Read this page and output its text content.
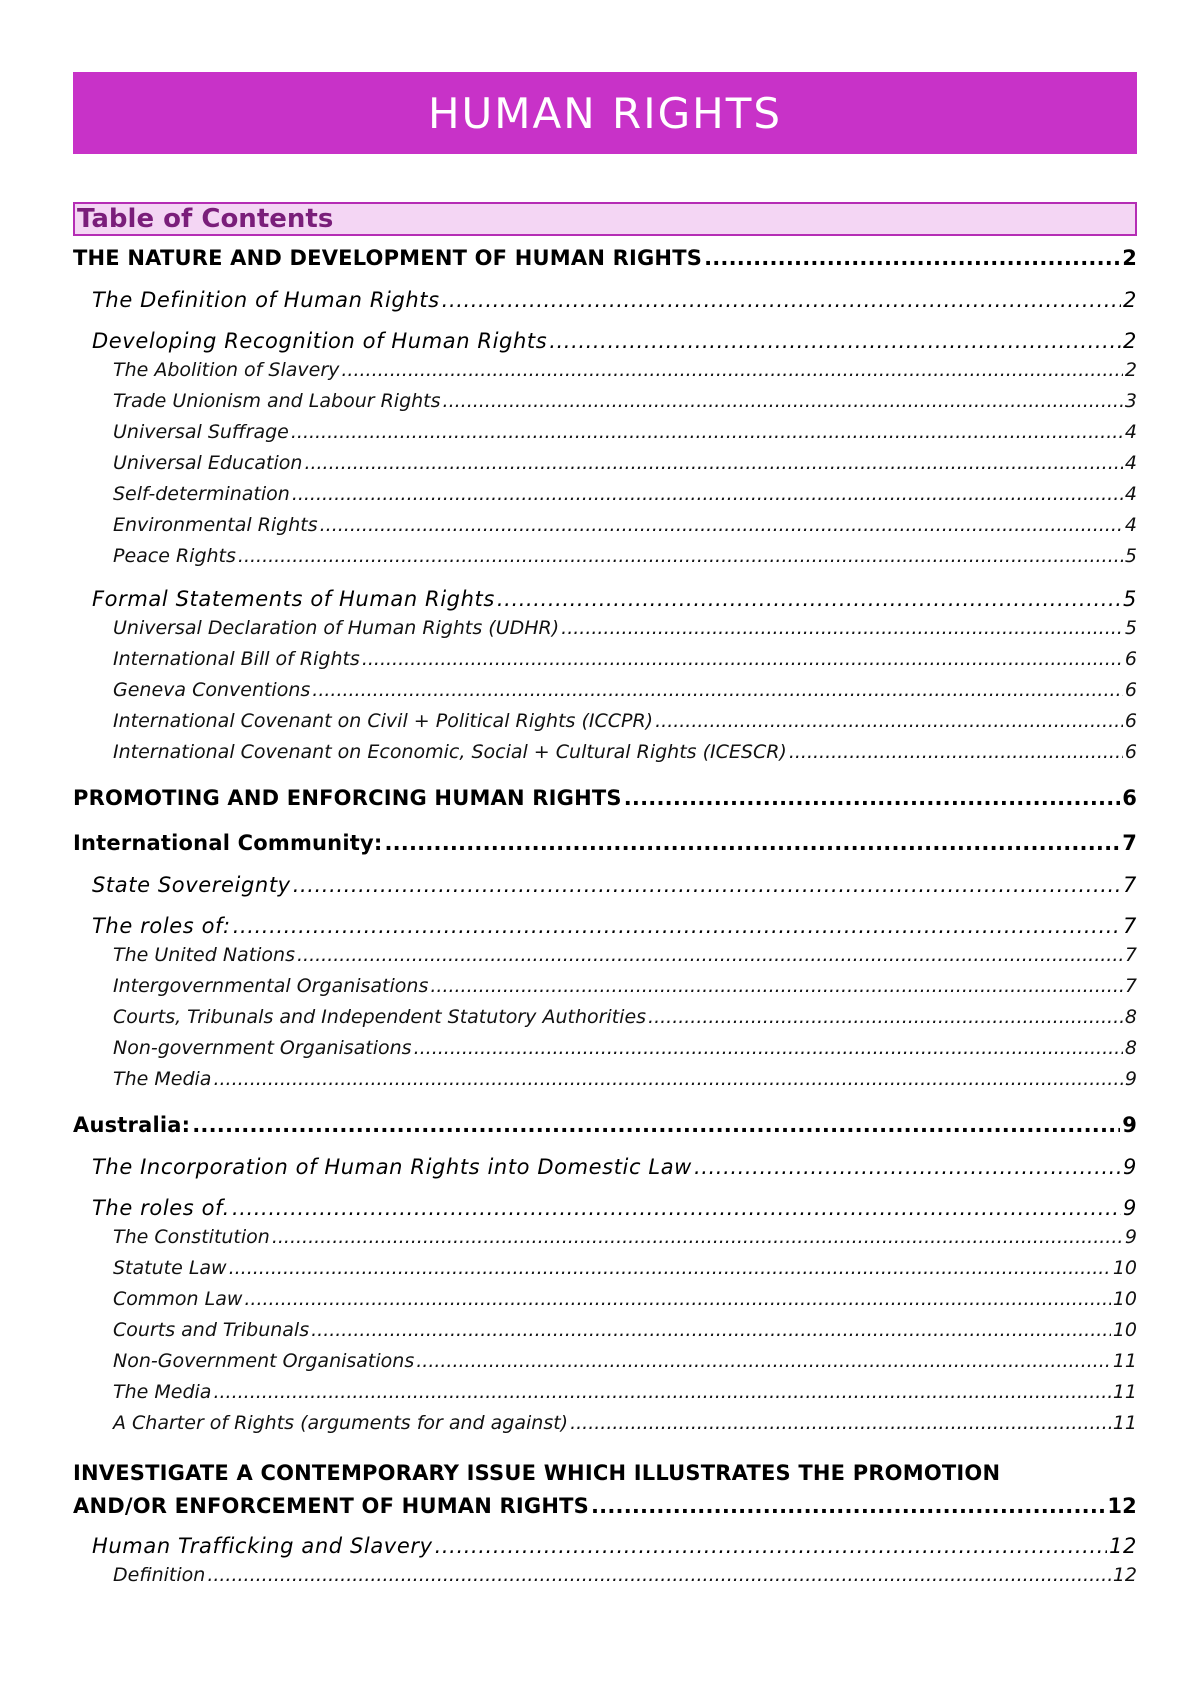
HUMAN RIGHTS
Table of Contents
THE NATURE AND DEVELOPMENT OF HUMAN RIGHTS .....	2
The Definition of Human Rights .....	2
Developing Recognition of Human Rights .....	2
The Abolition of Slavery .....	2
Trade Unionism and Labour Rights .....	3
Universal Suffrage .....	4
Universal Education .....	4
Self-determination .....	4
Environmental Rights .....	4
Peace Rights .....	5
Formal Statements of Human Rights .....	5
Universal Declaration of Human Rights (UDHR) .....	5
International Bill of Rights .....	6
Geneva Conventions .....	6
International Covenant on Civil + Political Rights (ICCPR) .....	6
International Covenant on Economic, Social + Cultural Rights (ICESCR) .....	6
PROMOTING AND ENFORCING HUMAN RIGHTS .....	6
International Community: .....	7
State Sovereignty .....	7
The roles of: .....	7
The United Nations .....	7
Intergovernmental Organisations .....	7
Courts, Tribunals and Independent Statutory Authorities .....	8
Non-government Organisations .....	8
The Media .....	9
Australia: .....	9
The Incorporation of Human Rights into Domestic Law .....	9
The roles of. .....	9
The Constitution .....	9
Statute Law .....	10
Common Law .....	10
Courts and Tribunals .....	10
Non-Government Organisations .....	11
The Media .....	11
A Charter of Rights (arguments for and against) .....	11
INVESTIGATE A CONTEMPORARY ISSUE WHICH ILLUSTRATES THE PROMOTION
AND/OR ENFORCEMENT OF HUMAN RIGHTS .....	12
Human Trafficking and Slavery .....	12
Definition .....	12
